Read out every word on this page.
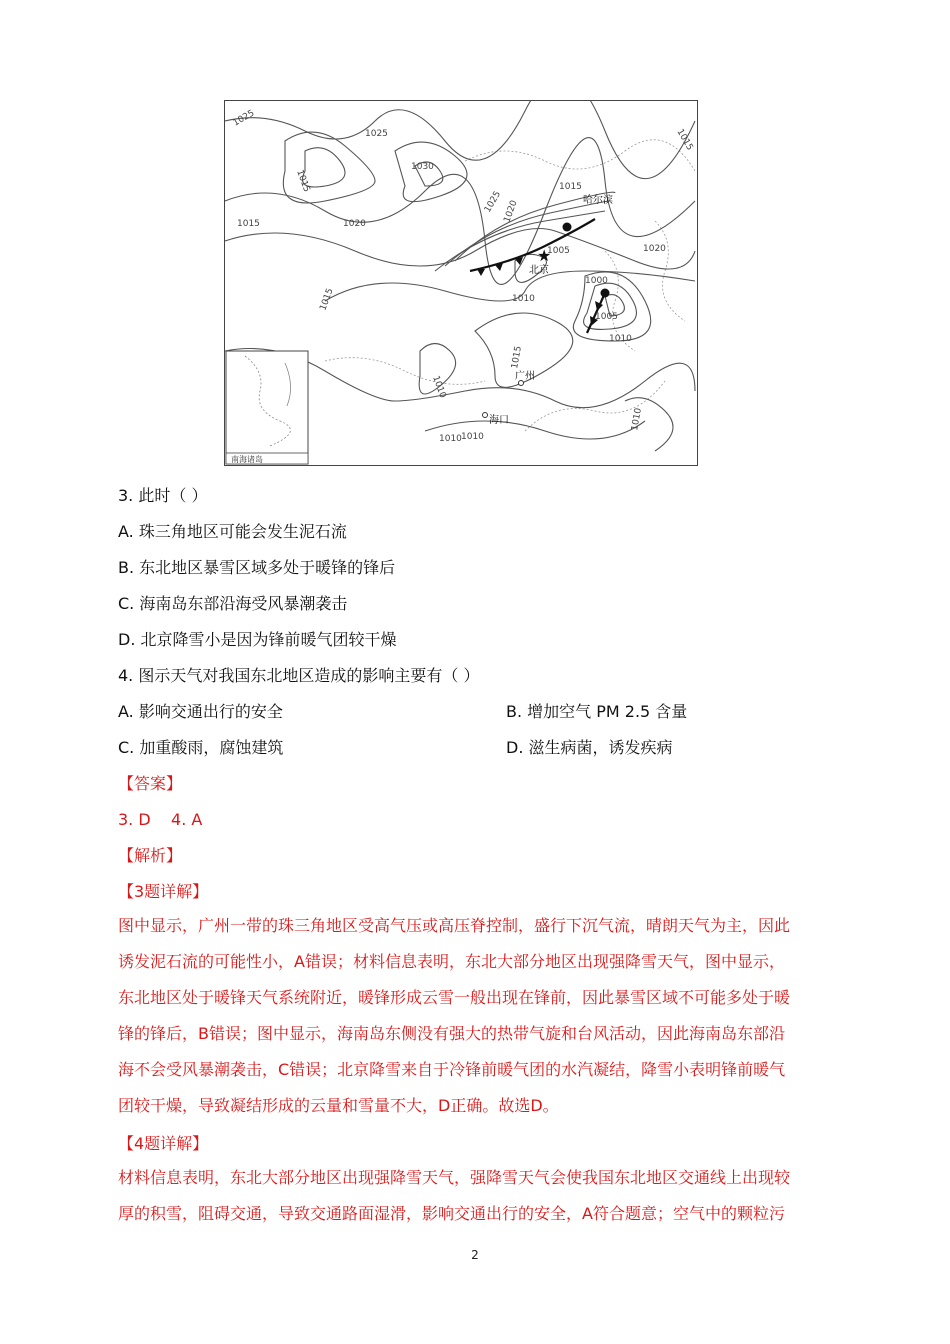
★
1025
1025
1030
1015
1020
1015
1015
1025 1020
1015
1005	1020
1010
1000
1005
1015
1010
1010
1015
1010
1010
1010
哈尔滨
北京
广州
海口
南海诸岛
3. 此时（ ）
A. 珠三角地区可能会发生泥石流
B. 东北地区暴雪区域多处于暖锋的锋后
C. 海南岛东部沿海受风暴潮袭击
D. 北京降雪小是因为锋前暖气团较干燥
4. 图示天气对我国东北地区造成的影响主要有（ ）
A. 影响交通出行的安全	B. 增加空气 PM 2.5 含量
C. 加重酸雨，腐蚀建筑	D. 滋生病菌，诱发疾病
【答案】
3. D    4. A
【解析】
【3题详解】
图中显示，广州一带的珠三角地区受高气压或高压脊控制，盛行下沉气流，晴朗天气为主，因此
诱发泥石流的可能性小，A错误；材料信息表明，东北大部分地区出现强降雪天气，图中显示，
东北地区处于暖锋天气系统附近，暖锋形成云雪一般出现在锋前，因此暴雪区域不可能多处于暖
锋的锋后，B错误；图中显示，海南岛东侧没有强大的热带气旋和台风活动，因此海南岛东部沿
海不会受风暴潮袭击，C错误；北京降雪来自于冷锋前暖气团的水汽凝结，降雪小表明锋前暖气
团较干燥，导致凝结形成的云量和雪量不大，D正确。故选D。
【4题详解】
材料信息表明，东北大部分地区出现强降雪天气，强降雪天气会使我国东北地区交通线上出现较
厚的积雪，阻碍交通，导致交通路面湿滑，影响交通出行的安全，A符合题意；空气中的颗粒污
2
